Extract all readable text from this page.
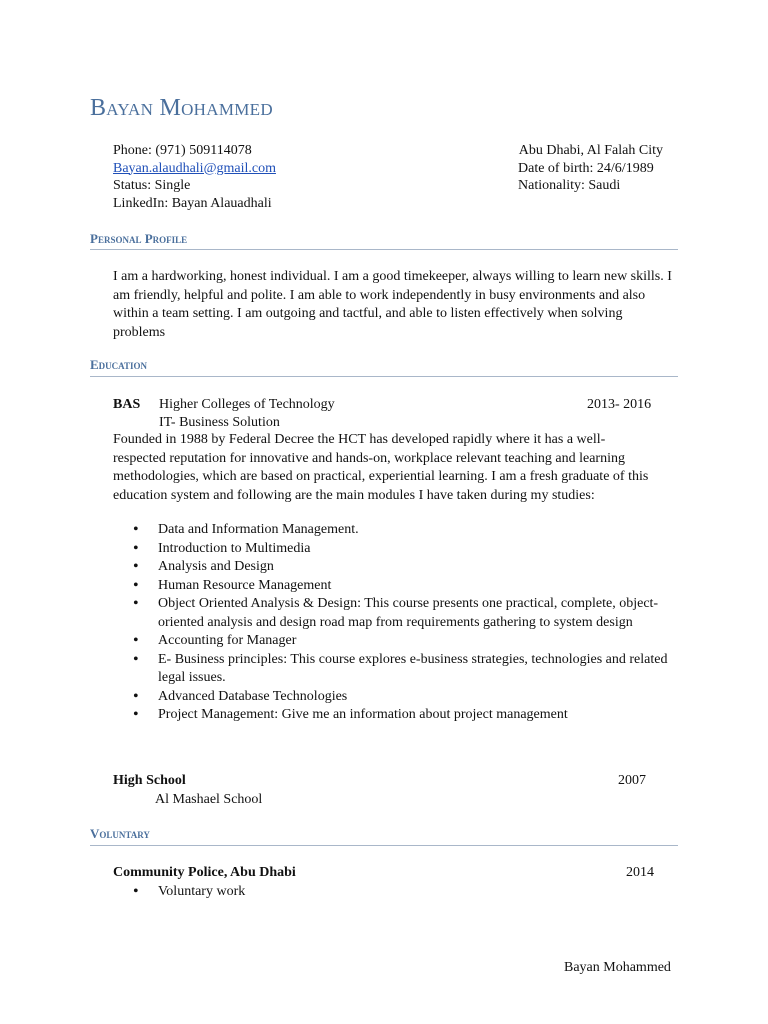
Bayan Mohammed
Phone: (971) 509114078
Bayan.alaudhali@gmail.com
Status: Single
LinkedIn: Bayan Alauadhali
Abu Dhabi, Al Falah City
Date of birth: 24/6/1989
Nationality: Saudi
Personal Profile
I am a hardworking, honest individual. I am a good timekeeper, always willing to learn new skills. I am friendly, helpful and polite. I am able to work independently in busy environments and also within a team setting. I am outgoing and tactful, and able to listen effectively when solving problems
Education
BAS Higher Colleges of Technology	2013- 2016
IT- Business Solution
Founded in 1988 by Federal Decree the HCT has developed rapidly where it has a well-respected reputation for innovative and hands-on, workplace relevant teaching and learning methodologies, which are based on practical, experiential learning. I am a fresh graduate of this education system and following are the main modules I have taken during my studies:
• Data and Information Management.
• Introduction to Multimedia
• Analysis and Design
• Human Resource Management
• Object Oriented Analysis & Design: This course presents one practical, complete, object-oriented analysis and design road map from requirements gathering to system design
• Accounting for Manager
• E- Business principles: This course explores e-business strategies, technologies and related legal issues.
• Advanced Database Technologies
• Project Management: Give me an information about project management
High School	2007
Al Mashael School
Voluntary
Community Police, Abu Dhabi	2014
• Voluntary work
Bayan Mohammed
